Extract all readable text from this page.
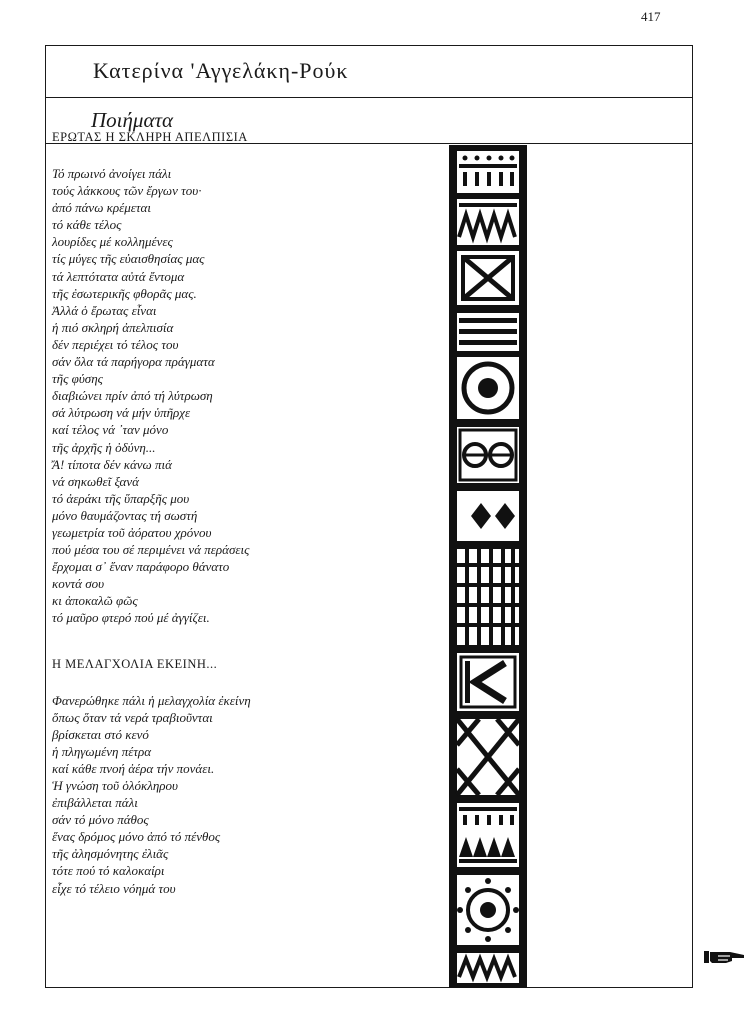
417
Κατερίνα 'Αγγελάκη-Ρούκ
Ποιήματα
ΕΡΩΤΑΣ Η ΣΚΛΗΡΗ ΑΠΕΛΠΙΣΙΑ
Τό πρωινό ἀνοίγει πάλι
τούς λάκκους τῶν ἔργων του·
ἀπό πάνω κρέμεται
τό κάθε τέλος
λουρίδες μέ κολλημένες
τίς μύγες τῆς εὐαισθησίας μας
τά λεπτότατα αὐτά ἔντομα
τῆς ἐσωτερικῆς φθορᾶς μας.
Ἀλλά ὁ ἔρωτας εἶναι
ἡ πιό σκληρή ἀπελπισία
δέν περιέχει τό τέλος του
σάν ὅλα τά παρήγορα πράγματα
τῆς φύσης
διαβιώνει πρίν ἀπό τή λύτρωση
σά λύτρωση νά μήν ὑπῆρχε
καί τέλος νά ᾽ταν μόνο
τῆς ἀρχῆς ἡ ὀδύνη...
Ἄ! τίποτα δέν κάνω πιά
νά σηκωθεῖ ξανά
τό ἀεράκι τῆς ὕπαρξῆς μου
μόνο θαυμάζοντας τή σωστή
γεωμετρία τοῦ ἀόρατου χρόνου
πού μέσα του σέ περιμένει νά περάσεις
ἔρχομαι σ᾽ ἕναν παράφορο θάνατο
κοντά σου
κι ἀποκαλῶ φῶς
τό μαῦρο φτερό πού μέ ἀγγίζει.
Η ΜΕΛΑΓΧΟΛΙΑ ΕΚΕΙΝΗ...
Φανερώθηκε πάλι ἡ μελαγχολία ἐκείνη
ὅπως ὅταν τά νερά τραβιοῦνται
βρίσκεται στό κενό
ἡ πληγωμένη πέτρα
καί κάθε πνοή ἀέρα τήν πονάει.
Ἡ γνώση τοῦ ὁλόκληρου
ἐπιβάλλεται πάλι
σάν τό μόνο πάθος
ἕνας δρόμος μόνο ἀπό τό πένθος
τῆς ἀλησμόνητης ἐλιᾶς
τότε πού τό καλοκαίρι
εἶχε τό τέλειο νόημά του
